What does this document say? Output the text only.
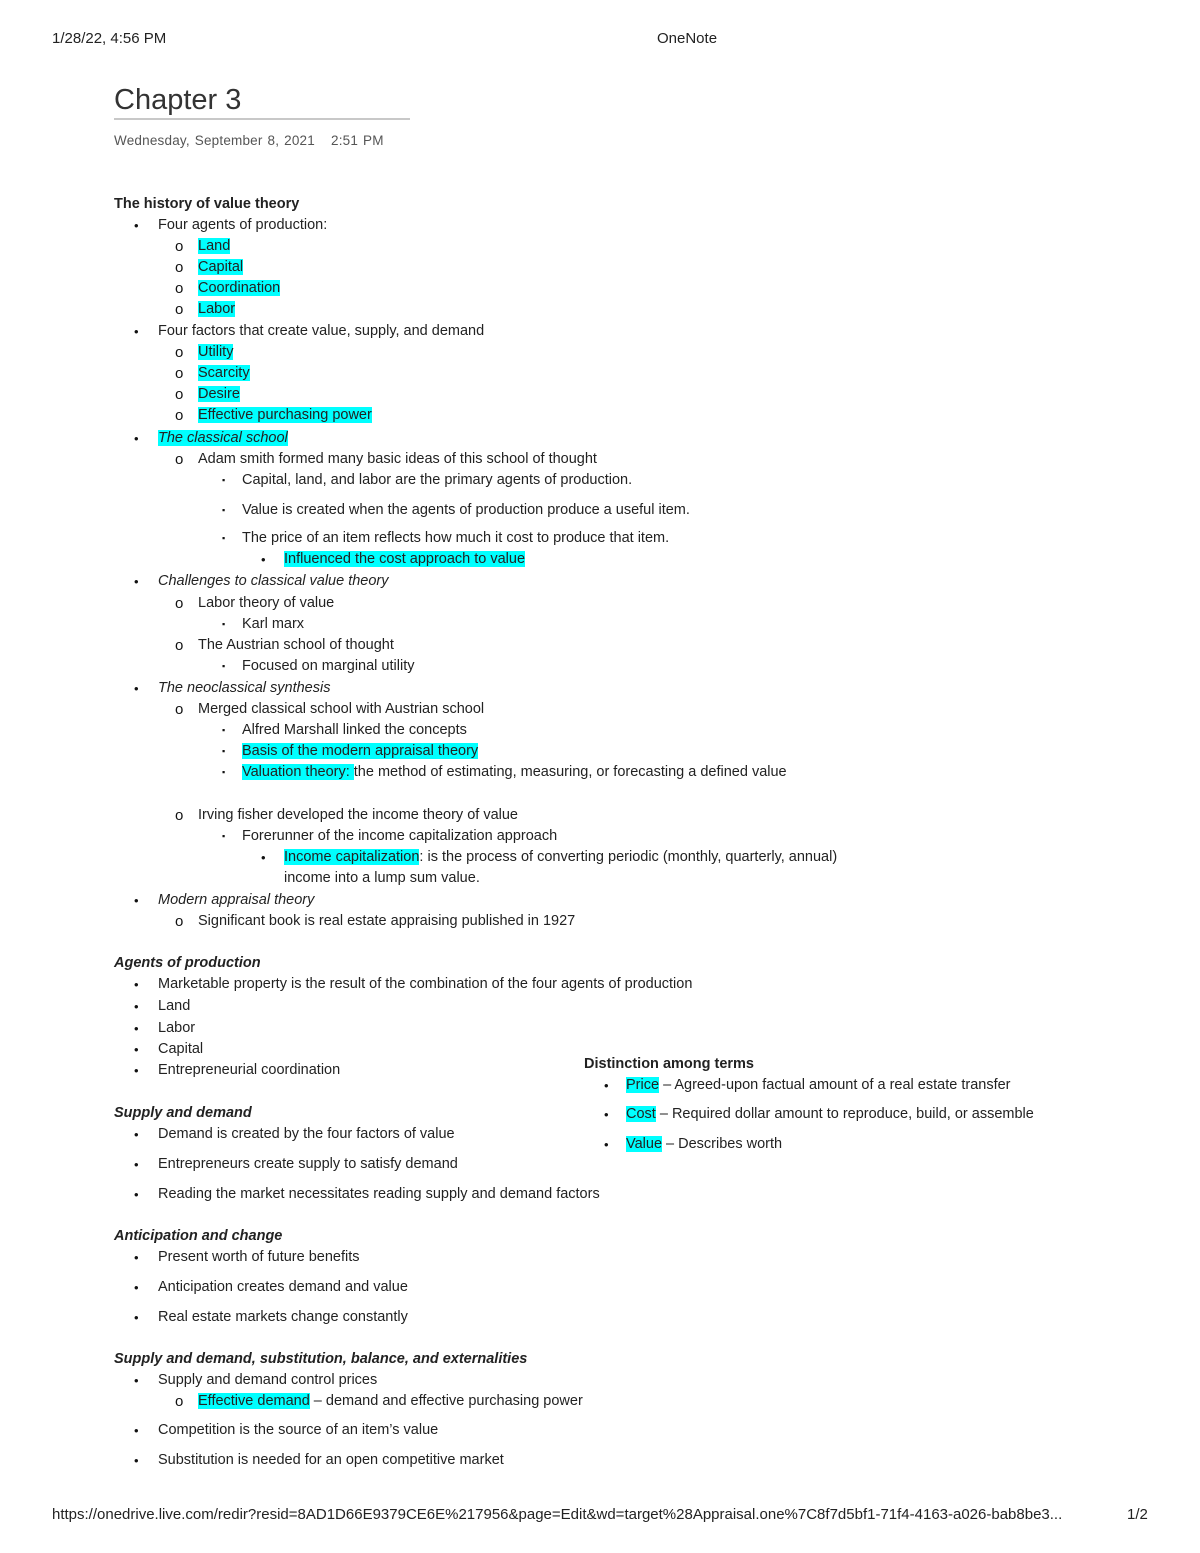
1/28/22, 4:56 PM	OneNote
Chapter 3
Wednesday, September 8, 2021 2:51 PM
The history of value theory
• Four agents of production:
o Land
o Capital
o Coordination
o Labor
• Four factors that create value, supply, and demand
o Utility
o Scarcity
o Desire
o Effective purchasing power
• The classical school
o Adam smith formed many basic ideas of this school of thought
▪ Capital, land, and labor are the primary agents of production.
▪ Value is created when the agents of production produce a useful item.
▪ The price of an item reflects how much it cost to produce that item.
• Influenced the cost approach to value
• Challenges to classical value theory
o Labor theory of value
▪ Karl marx
o The Austrian school of thought
▪ Focused on marginal utility
• The neoclassical synthesis
o Merged classical school with Austrian school
▪ Alfred Marshall linked the concepts
▪ Basis of the modern appraisal theory
▪ Valuation theory: the method of estimating, measuring, or forecasting a defined value
o Irving fisher developed the income theory of value
▪ Forerunner of the income capitalization approach
• Income capitalization: is the process of converting periodic (monthly, quarterly, annual) income into a lump sum value.
• Modern appraisal theory
o Significant book is real estate appraising published in 1927
Agents of production
• Marketable property is the result of the combination of the four agents of production
• Land
• Labor
• Capital
• Entrepreneurial coordination	Distinction among terms
• Price – Agreed-upon factual amount of a real estate transfer
• Cost – Required dollar amount to reproduce, build, or assemble
• Value – Describes worth
Supply and demand
• Demand is created by the four factors of value
• Entrepreneurs create supply to satisfy demand
• Reading the market necessitates reading supply and demand factors
Anticipation and change
• Present worth of future benefits
• Anticipation creates demand and value
• Real estate markets change constantly
Supply and demand, substitution, balance, and externalities
• Supply and demand control prices
o Effective demand – demand and effective purchasing power
• Competition is the source of an item’s value
• Substitution is needed for an open competitive market
https://onedrive.live.com/redir?resid=8AD1D66E9379CE6E%217956&page=Edit&wd=target%28Appraisal.one%7C8f7d5bf1-71f4-4163-a026-bab8be3...	1/2
